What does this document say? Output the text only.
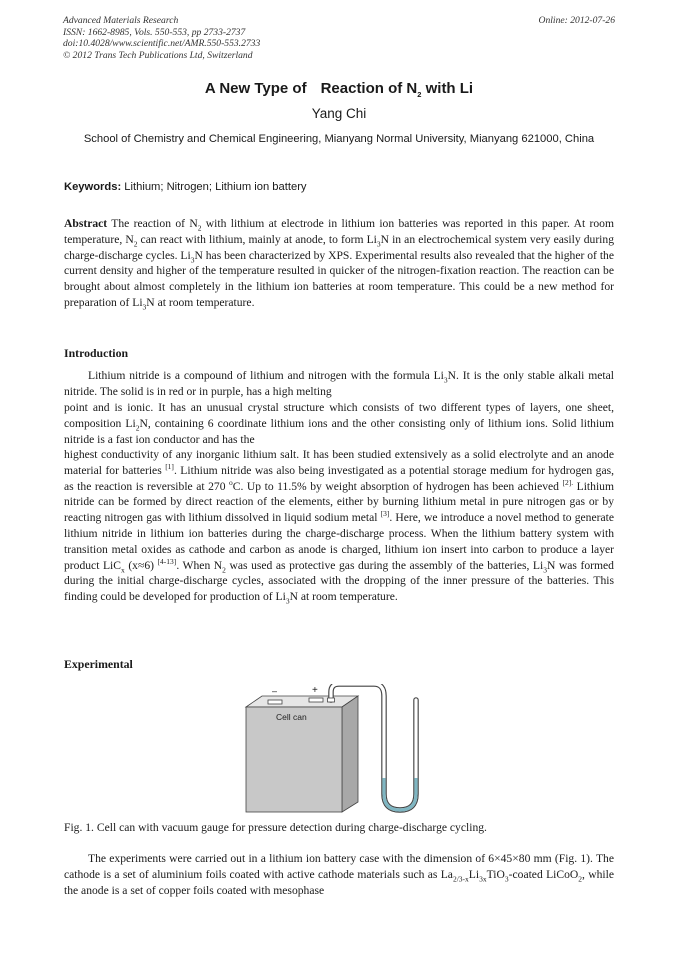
Advanced Materials Research
ISSN: 1662-8985, Vols. 550-553, pp 2733-2737
doi:10.4028/www.scientific.net/AMR.550-553.2733
© 2012 Trans Tech Publications Ltd, Switzerland
Online: 2012-07-26
A New Type of Reaction of $N_2$ with Li
Yang Chi
School of Chemistry and Chemical Engineering, Mianyang Normal University, Mianyang 621000, China
Keywords: Lithium; Nitrogen; Lithium ion battery

Abstract The reaction of $N_2$ with lithium at electrode in lithium ion batteries was reported in this paper. At room temperature, $N_2$ can react with lithium, mainly at anode, to form $Li_3N$ in an electrochemical system very easily during charge-discharge cycles. $Li_3N$ has been characterized by XPS. Experimental results also revealed that the higher of the current density and higher of the temperature resulted in quicker of the nitrogen-fixation reaction. The reaction can be brought about almost completely in the lithium ion batteries at room temperature. This could be a new method for preparation of $Li_3N$ at room temperature.

Introduction

Lithium nitride is a compound of lithium and nitrogen with the formula $Li_3N$. It is the only stable alkali metal nitride. The solid is in red or in purple, has a high melting

point and is ionic. It has an unusual crystal structure which consists of two different types of layers, one sheet, composition $Li_2N$, containing 6 coordinate lithium ions and the other consisting only of lithium ions. Solid lithium nitride is a fast ion conductor and has the

highest conductivity of any inorganic lithium salt. It has been studied extensively as a solid electrolyte and an anode material for batteries [1]. Lithium nitride was also being investigated as a potential storage medium for hydrogen gas, as the reaction is reversible at 270 $^o$C. Up to 11.5% by weight absorption of hydrogen has been achieved $^{[2].}$ Lithium nitride can be formed by direct reaction of the elements, either by burning lithium metal in pure nitrogen gas or by reacting nitrogen gas with lithium dissolved in liquid sodium metal [3]. Here, we introduce a novel method to generate lithium nitride in lithium ion batteries during the charge-discharge process. When the lithium battery system with transition metal oxides as cathode and carbon as anode is charged, lithium ion insert into carbon to produce a layer product LiC$_x$ (x≈6) [4-13]. When $N_2$ was used as protective gas during the assembly of the batteries, $Li_3N$ was formed during the initial charge-discharge cycles, associated with the dropping of the inner pressure of the batteries. This finding could be developed for production of $Li_3N$ at room temperature.

Experimental
–	+
Cell can
Fig. 1. Cell can with vacuum gauge for pressure detection during charge-discharge cycling.

The experiments were carried out in a lithium ion battery case with the dimension of 6×45×80 mm (Fig. 1). The cathode is a set of aluminium foils coated with active cathode materials such as $La_{2/3-x}Li_{3x}TiO_3$-coated LiCoO$_2$, while the anode is a set of copper foils coated with mesophase
